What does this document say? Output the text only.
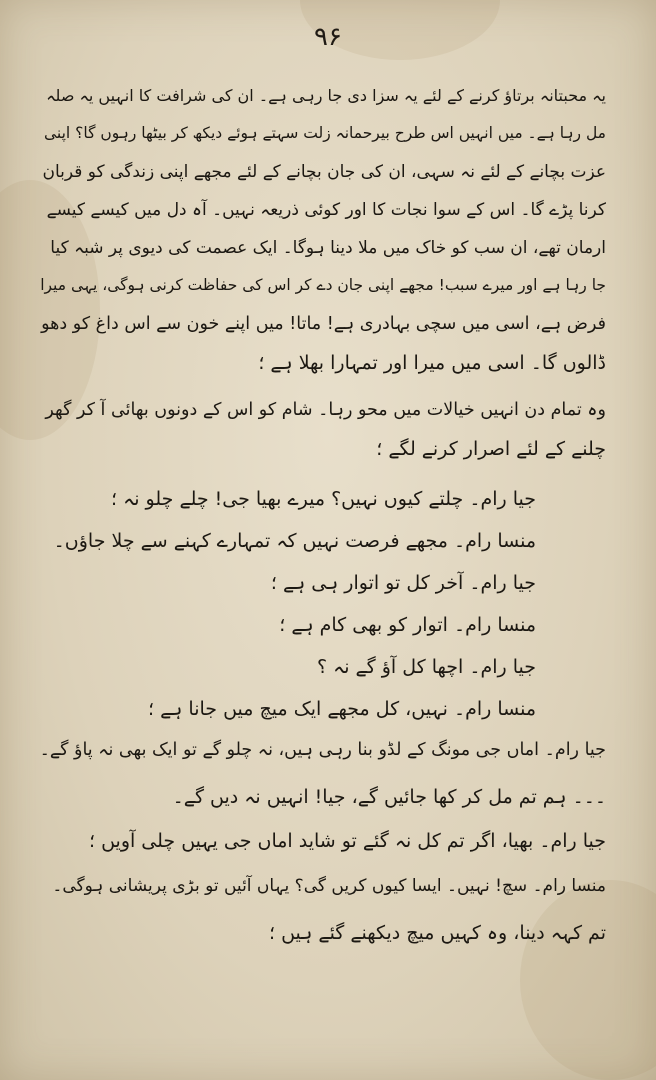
۹۶
یہ محبتانہ برتاؤ کرنے کے لئے یہ سزا دی جا رہی ہے۔ ان کی شرافت کا انہیں یہ صلہ
مل رہا ہے۔ میں انہیں اس طرح بیرحمانہ زلت سہتے ہوئے دیکھ کر بیٹھا رہوں گا؟ اپنی
عزت بچانے کے لئے نہ سہی، ان کی جان بچانے کے لئے مجھے اپنی زندگی کو قربان
کرنا پڑے گا۔ اس کے سوا نجات کا اور کوئی ذریعہ نہیں۔ آہ دل میں کیسے کیسے
ارمان تھے، ان سب کو خاک میں ملا دینا ہوگا۔ ایک عصمت کی دیوی پر شبہ کیا
جا رہا ہے اور میرے سبب! مجھے اپنی جان دے کر اس کی حفاظت کرنی ہوگی، یہی میرا
فرض ہے، اسی میں سچی بہادری ہے! ماتا! میں اپنے خون سے اس داغ کو دھو
ڈالوں گا۔ اسی میں میرا اور تمہارا بھلا ہے ؛
وہ تمام دن انہیں خیالات میں محو رہا۔ شام کو اس کے دونوں بھائی آ کر گھر
چلنے کے لئے اصرار کرنے لگے ؛
جیا رام۔ چلتے کیوں نہیں؟ میرے بھیا جی! چلے چلو نہ ؛
منسا رام۔ مجھے فرصت نہیں کہ تمہارے کہنے سے چلا جاؤں۔
جیا رام۔ آخر کل تو اتوار ہی ہے ؛
منسا رام۔ اتوار کو بھی کام ہے ؛
جیا رام۔ اچھا کل آؤ گے نہ ؟
منسا رام۔ نہیں، کل مجھے ایک میچ میں جانا ہے ؛
جیا رام۔ اماں جی مونگ کے لڈو بنا رہی ہیں، نہ چلو گے تو ایک بھی نہ پاؤ گے۔
۔۔۔ ہم تم مل کر کھا جائیں گے، جیا! انہیں نہ دیں گے۔
جیا رام۔ بھیا، اگر تم کل نہ گئے تو شاید اماں جی یہیں چلی آویں ؛
منسا رام۔ سچ! نہیں۔ ایسا کیوں کریں گی؟ یہاں آئیں تو بڑی پریشانی ہوگی۔
تم کہہ دینا، وہ کہیں میچ دیکھنے گئے ہیں ؛
